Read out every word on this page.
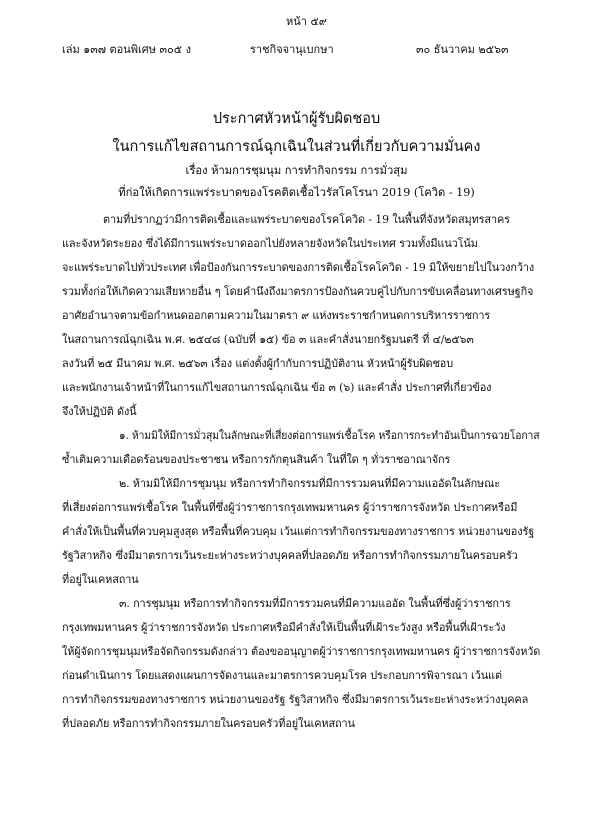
หน้า ๕๙
เล่ม ๑๓๗ ตอนพิเศษ ๓๐๕ ง	ราชกิจจานุเบกษา	๓๐ ธันวาคม ๒๕๖๓
ประกาศหัวหน้าผู้รับผิดชอบ
ในการแก้ไขสถานการณ์ฉุกเฉินในส่วนที่เกี่ยวกับความมั่นคง
เรื่อง ห้ามการชุมนุม การทำกิจกรรม การมั่วสุม
ที่ก่อให้เกิดการแพร่ระบาดของโรคติดเชื้อไวรัสโคโรนา 2019 (โควิด - 19)
ตามที่ปรากฏว่ามีการติดเชื้อและแพร่ระบาดของโรคโควิด - 19 ในพื้นที่จังหวัดสมุทรสาคร
และจังหวัดระยอง ซึ่งได้มีการแพร่ระบาดออกไปยังหลายจังหวัดในประเทศ รวมทั้งมีแนวโน้ม
จะแพร่ระบาดไปทั่วประเทศ เพื่อป้องกันการระบาดของการติดเชื้อโรคโควิด - 19 มิให้ขยายไปในวงกว้าง
รวมทั้งก่อให้เกิดความเสียหายอื่น ๆ โดยคำนึงถึงมาตรการป้องกันควบคู่ไปกับการขับเคลื่อนทางเศรษฐกิจ
อาศัยอำนาจตามข้อกำหนดออกตามความในมาตรา ๙ แห่งพระราชกำหนดการบริหารราชการ
ในสถานการณ์ฉุกเฉิน พ.ศ. ๒๕๔๘ (ฉบับที่ ๑๕) ข้อ ๓ และคำสั่งนายกรัฐมนตรี ที่ ๔/๒๕๖๓
ลงวันที่ ๒๕ มีนาคม พ.ศ. ๒๕๖๓ เรื่อง แต่งตั้งผู้กำกับการปฏิบัติงาน หัวหน้าผู้รับผิดชอบ
และพนักงานเจ้าหน้าที่ในการแก้ไขสถานการณ์ฉุกเฉิน ข้อ ๓ (๖) และคำสั่ง ประกาศที่เกี่ยวข้อง
จึงให้ปฏิบัติ ดังนี้
๑. ห้ามมิให้มีการมั่วสุมในลักษณะที่เสี่ยงต่อการแพร่เชื้อโรค หรือการกระทำอันเป็นการฉวยโอกาส
ซ้ำเติมความเดือดร้อนของประชาชน หรือการกักตุนสินค้า ในที่ใด ๆ ทั่วราชอาณาจักร
๒. ห้ามมิให้มีการชุมนุม หรือการทำกิจกรรมที่มีการรวมคนที่มีความแออัดในลักษณะ
ที่เสี่ยงต่อการแพร่เชื้อโรค ในพื้นที่ซึ่งผู้ว่าราชการกรุงเทพมหานคร ผู้ว่าราชการจังหวัด ประกาศหรือมี
คำสั่งให้เป็นพื้นที่ควบคุมสูงสุด หรือพื้นที่ควบคุม เว้นแต่การทำกิจกรรมของทางราชการ หน่วยงานของรัฐ
รัฐวิสาหกิจ ซึ่งมีมาตรการเว้นระยะห่างระหว่างบุคคลที่ปลอดภัย หรือการทำกิจกรรมภายในครอบครัว
ที่อยู่ในเคหสถาน
๓. การชุมนุม หรือการทำกิจกรรมที่มีการรวมคนที่มีความแออัด ในพื้นที่ซึ่งผู้ว่าราชการ
กรุงเทพมหานคร ผู้ว่าราชการจังหวัด ประกาศหรือมีคำสั่งให้เป็นพื้นที่เฝ้าระวังสูง หรือพื้นที่เฝ้าระวัง
ให้ผู้จัดการชุมนุมหรือจัดกิจกรรมดังกล่าว ต้องขออนุญาตผู้ว่าราชการกรุงเทพมหานคร ผู้ว่าราชการจังหวัด
ก่อนดำเนินการ โดยแสดงแผนการจัดงานและมาตรการควบคุมโรค ประกอบการพิจารณา เว้นแต่
การทำกิจกรรมของทางราชการ หน่วยงานของรัฐ รัฐวิสาหกิจ ซึ่งมีมาตรการเว้นระยะห่างระหว่างบุคคล
ที่ปลอดภัย หรือการทำกิจกรรมภายในครอบครัวที่อยู่ในเคหสถาน
